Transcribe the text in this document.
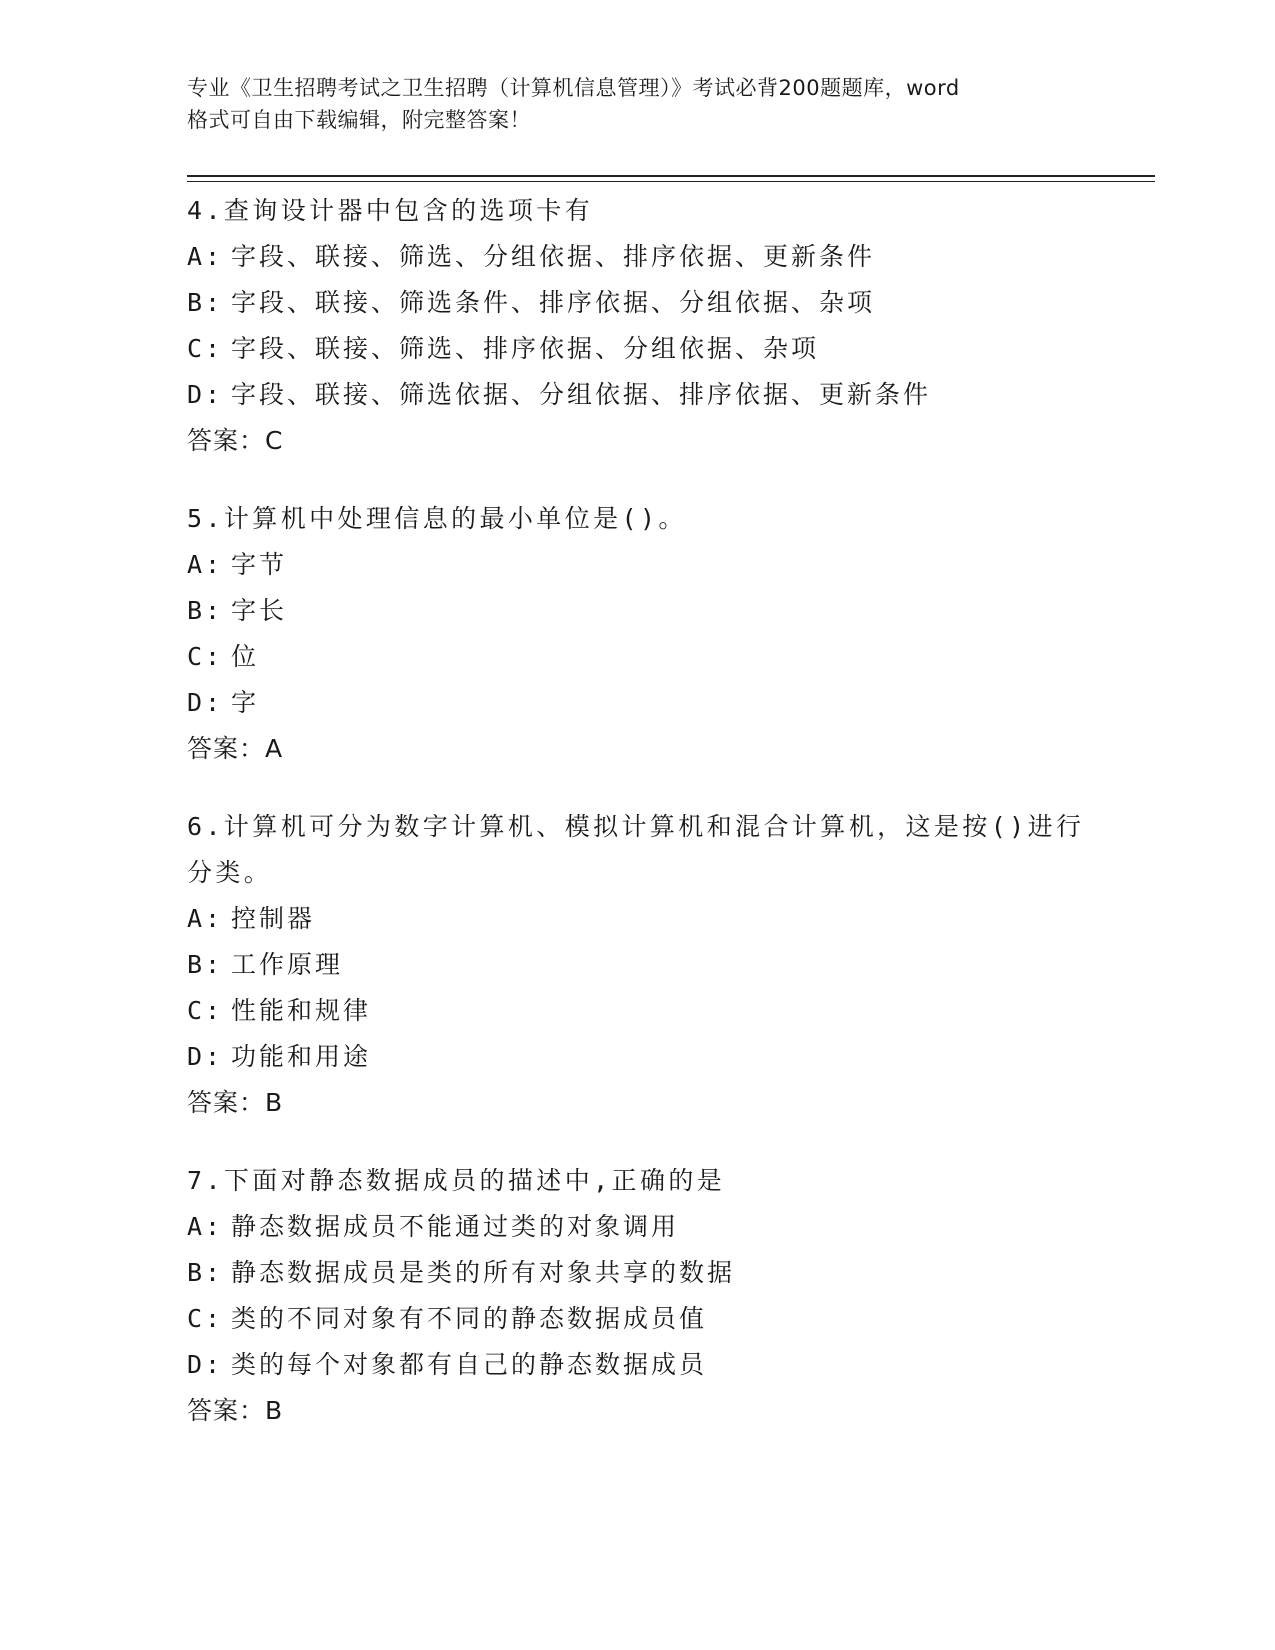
专业《卫生招聘考试之卫生招聘（计算机信息管理）》考试必背200题题库，word
格式可自由下载编辑，附完整答案！
4.查询设计器中包含的选项卡有
A: 字段、联接、筛选、分组依据、排序依据、更新条件
B: 字段、联接、筛选条件、排序依据、分组依据、杂项
C: 字段、联接、筛选、排序依据、分组依据、杂项
D: 字段、联接、筛选依据、分组依据、排序依据、更新条件
答案：C
5.计算机中处理信息的最小单位是()。
A: 字节
B: 字长
C: 位
D: 字
答案：A
6.计算机可分为数字计算机、模拟计算机和混合计算机，这是按()进行分类。
A: 控制器
B: 工作原理
C: 性能和规律
D: 功能和用途
答案：B
7.下面对静态数据成员的描述中,正确的是
A: 静态数据成员不能通过类的对象调用
B: 静态数据成员是类的所有对象共享的数据
C: 类的不同对象有不同的静态数据成员值
D: 类的每个对象都有自己的静态数据成员
答案：B
